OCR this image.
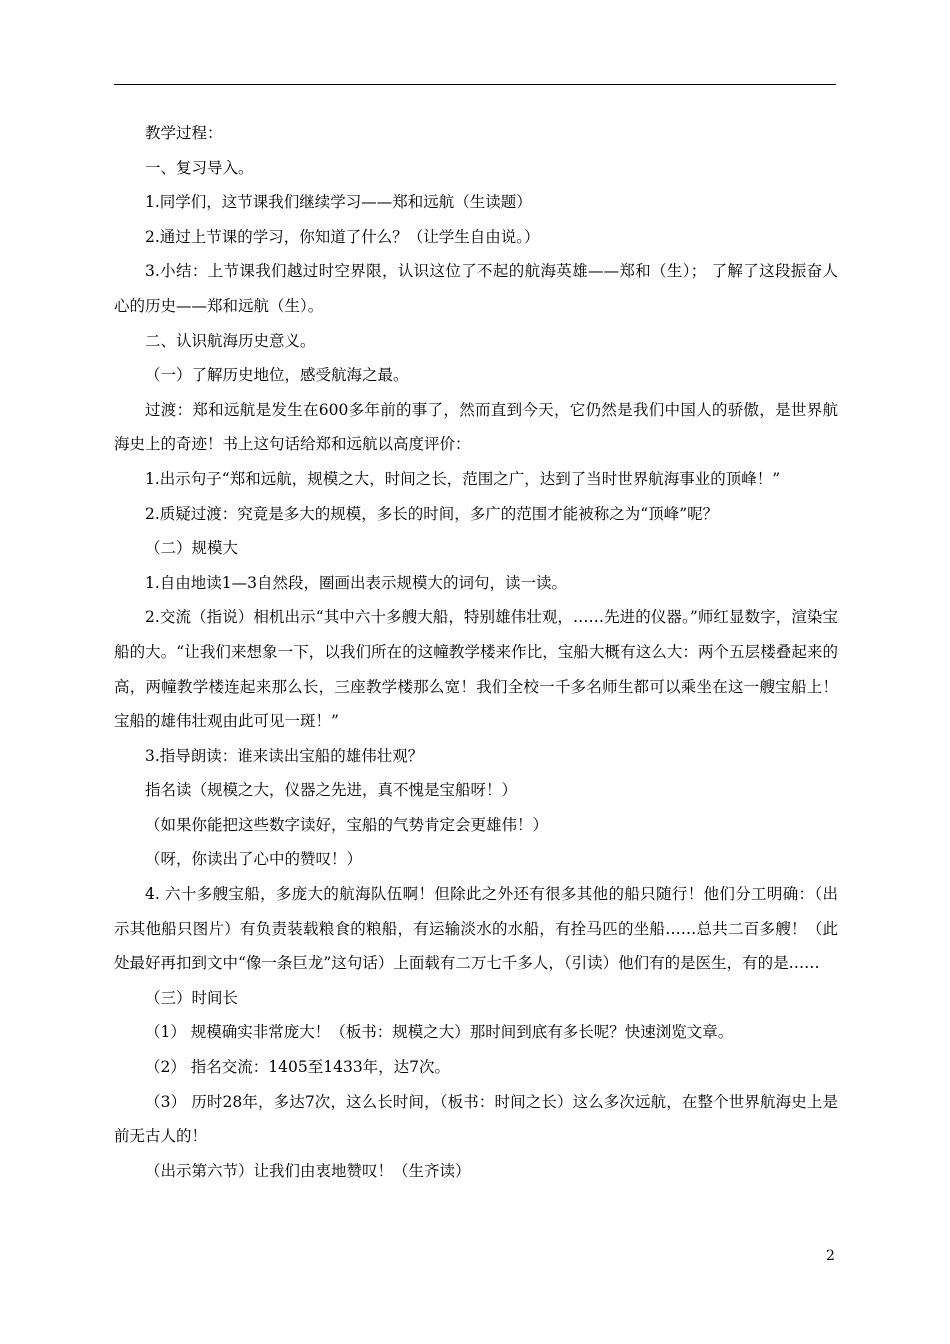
教学过程：

一、复习导入。

1.同学们，这节课我们继续学习——郑和远航（生读题）

2.通过上节课的学习，你知道了什么？（让学生自由说。）

3.小结：上节课我们越过时空界限，认识这位了不起的航海英雄——郑和（生）； 了解了这段振奋人心的历史——郑和远航（生）。

二、认识航海历史意义。

（一）了解历史地位，感受航海之最。

过渡：郑和远航是发生在600多年前的事了，然而直到今天，它仍然是我们中国人的骄傲，是世界航海史上的奇迹！书上这句话给郑和远航以高度评价：

1.出示句子“郑和远航，规模之大，时间之长，范围之广，达到了当时世界航海事业的顶峰！”

2.质疑过渡：究竟是多大的规模，多长的时间，多广的范围才能被称之为“顶峰”呢？

（二）规模大

1.自由地读1—3自然段，圈画出表示规模大的词句，读一读。

2.交流（指说）相机出示“其中六十多艘大船，特别雄伟壮观，……先进的仪器。”师红显数字，渲染宝船的大。“让我们来想象一下，以我们所在的这幢教学楼来作比，宝船大概有这么大：两个五层楼叠起来的高，两幢教学楼连起来那么长，三座教学楼那么宽！我们全校一千多名师生都可以乘坐在这一艘宝船上！宝船的雄伟壮观由此可见一斑！”

3.指导朗读：谁来读出宝船的雄伟壮观？

指名读（规模之大，仪器之先进，真不愧是宝船呀！）

（如果你能把这些数字读好，宝船的气势肯定会更雄伟！）

（呀，你读出了心中的赞叹！）

4. 六十多艘宝船，多庞大的航海队伍啊！但除此之外还有很多其他的船只随行！他们分工明确：（出示其他船只图片）有负责装载粮食的粮船，有运输淡水的水船，有拴马匹的坐船……总共二百多艘！（此处最好再扣到文中“像一条巨龙”这句话）上面载有二万七千多人，（引读）他们有的是医生，有的是……

（三）时间长

（1） 规模确实非常庞大！（板书：规模之大）那时间到底有多长呢？快速浏览文章。

（2） 指名交流：1405至1433年，达7次。

（3） 历时28年，多达7次，这么长时间，（板书：时间之长）这么多次远航，在整个世界航海史上是前无古人的！

（出示第六节）让我们由衷地赞叹！（生齐读）

2
